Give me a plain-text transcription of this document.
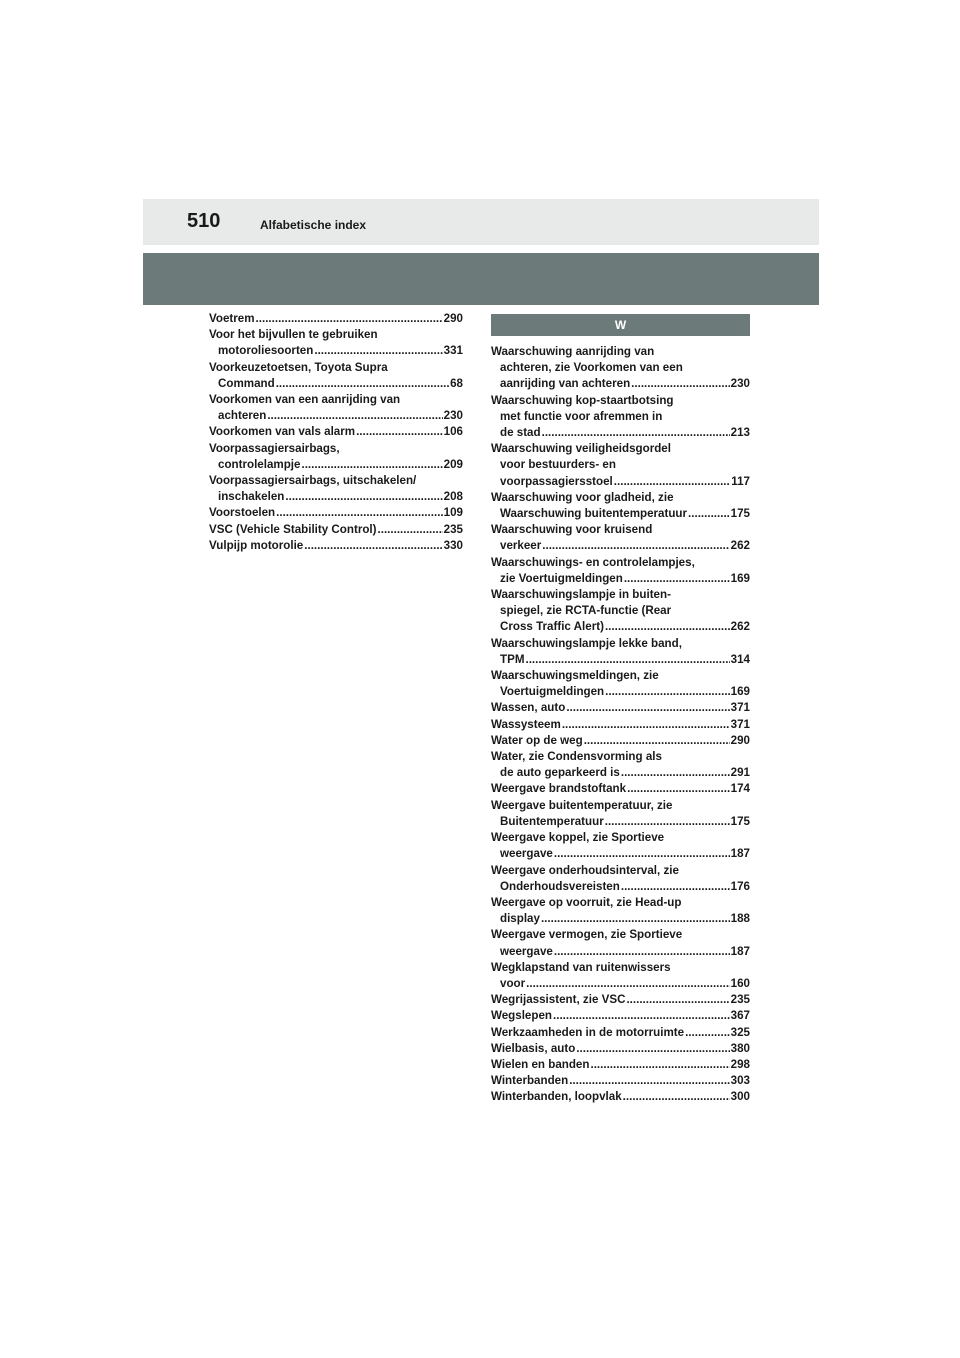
510	Alfabetische index
Voetrem .....	290
Voor het bijvullen te gebruiken
motoroliesoorten .....	331
Voorkeuzetoetsen, Toyota Supra
Command .....	68
Voorkomen van een aanrijding van
achteren .....	230
Voorkomen van vals alarm .....	106
Voorpassagiersairbags,
controlelampje .....	209
Voorpassagiersairbags, uitschakelen/
inschakelen .....	208
Voorstoelen .....	109
VSC (Vehicle Stability Control) .....	235
Vulpijp motorolie .....	330
W
Waarschuwing aanrijding van
achteren, zie Voorkomen van een
aanrijding van achteren .....	230
Waarschuwing kop-staartbotsing
met functie voor afremmen in
de stad .....	213
Waarschuwing veiligheidsgordel
voor bestuurders- en
voorpassagiersstoel .....	117
Waarschuwing voor gladheid, zie
Waarschuwing buitentemperatuur .....	175
Waarschuwing voor kruisend
verkeer .....	262
Waarschuwings- en controlelampjes,
zie Voertuigmeldingen .....	169
Waarschuwingslampje in buiten-
spiegel, zie RCTA-functie (Rear
Cross Traffic Alert) .....	262
Waarschuwingslampje lekke band,
TPM .....	314
Waarschuwingsmeldingen, zie
Voertuigmeldingen .....	169
Wassen, auto .....	371
Wassysteem .....	371
Water op de weg .....	290
Water, zie Condensvorming als
de auto geparkeerd is .....	291
Weergave brandstoftank .....	174
Weergave buitentemperatuur, zie
Buitentemperatuur .....	175
Weergave koppel, zie Sportieve
weergave .....	187
Weergave onderhoudsinterval, zie
Onderhoudsvereisten .....	176
Weergave op voorruit, zie Head-up
display .....	188
Weergave vermogen, zie Sportieve
weergave .....	187
Wegklapstand van ruitenwissers
voor .....	160
Wegrijassistent, zie VSC .....	235
Wegslepen .....	367
Werkzaamheden in de motorruimte .....	325
Wielbasis, auto .....	380
Wielen en banden .....	298
Winterbanden .....	303
Winterbanden, loopvlak .....	300
